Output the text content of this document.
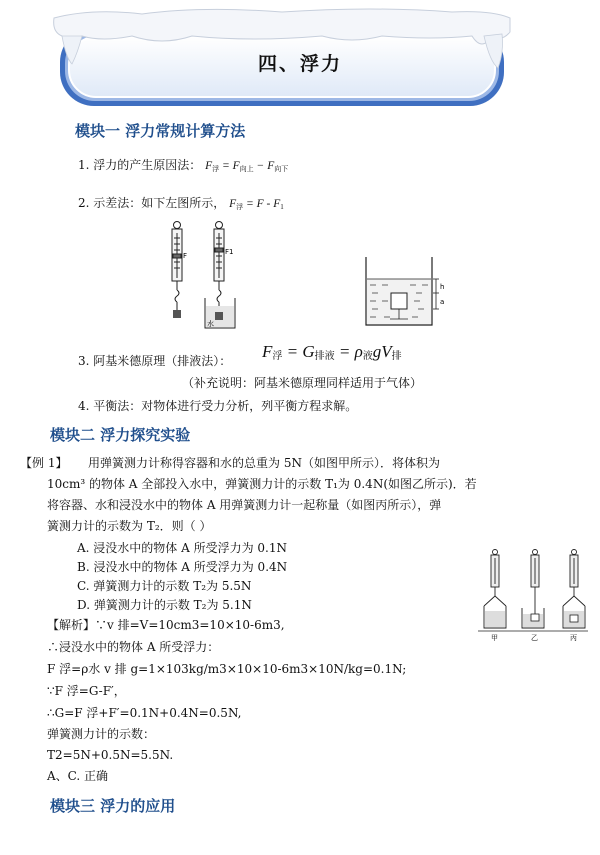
四、浮力
模块一 浮力常规计算方法
1. 浮力的产生原因法： $F_浮 = F_{向上} - F_{向下}$
2. 示差法：如下左图所示， $F_浮 = F - F_1$
F	F1
水
h
a
3. 阿基米德原理（排液法）： $F_浮 = G_{排液} = \rho_液gV_排$
（补充说明：阿基米德原理同样适用于气体）
4. 平衡法：对物体进行受力分析，列平衡方程求解。
模块二 浮力探究实验
【例 1】 用弹簧测力计称得容器和水的总重为 5N（如图甲所示）．将体积为
10cm³ 的物体 A 全部投入水中，弹簧测力计的示数 T₁为 0.4N(如图乙所示)．若
将容器、水和浸没水中的物体 A 用弹簧测力计一起称量（如图丙所示），弹
簧测力计的示数为 T₂．则（ ）
A. 浸没水中的物体 A 所受浮力为 0.1N
B. 浸没水中的物体 A 所受浮力为 0.4N
C. 弹簧测力计的示数 T₂为 5.5N
D. 弹簧测力计的示数 T₂为 5.1N
甲	乙	丙
【解析】∵v 排=V=10cm3=10×10-6m3,
∴浸没水中的物体 A 所受浮力：
F 浮=ρ水 v 排 g=1×103kg/m3×10×10-6m3×10N/kg=0.1N;
∵F 浮=G-F′，
∴G=F 浮+F′=0.1N+0.4N=0.5N,
弹簧测力计的示数：
T2=5N+0.5N=5.5N.
A、C. 正确
模块三 浮力的应用
